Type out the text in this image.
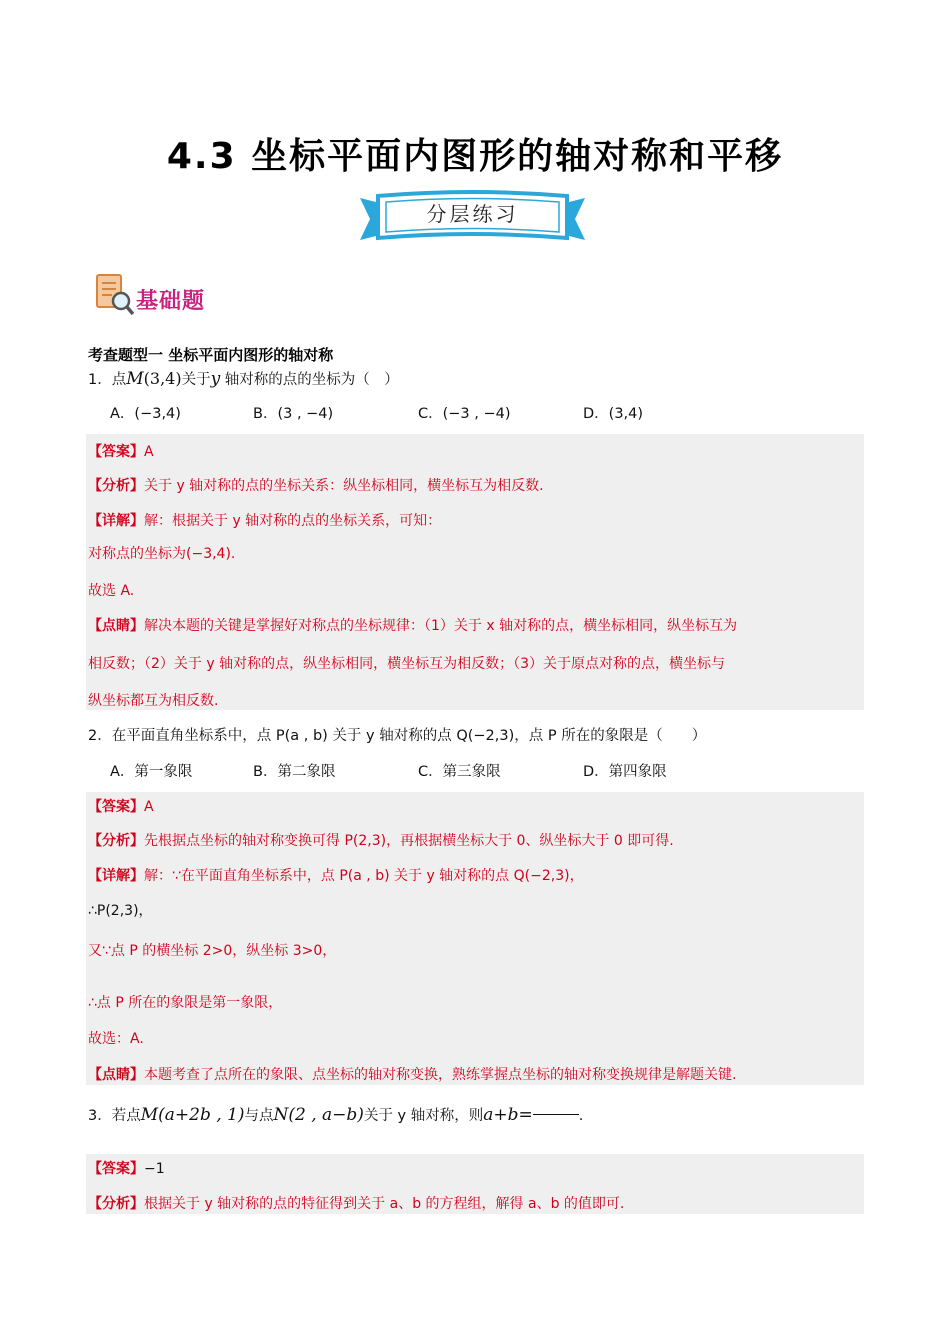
4.3 坐标平面内图形的轴对称和平移
分层练习
基础题
考查题型一 坐标平面内图形的轴对称
1．点M(3,4)关于y 轴对称的点的坐标为（　）
A．(−3,4)	B．(3 , −4)	C．(−3 , −4)	D．(3,4)
【答案】A
【分析】关于 y 轴对称的点的坐标关系：纵坐标相同，横坐标互为相反数.
【详解】解：根据关于 y 轴对称的点的坐标关系，可知：
对称点的坐标为(−3,4).
故选 A.
【点睛】解决本题的关键是掌握好对称点的坐标规律：（1）关于 x 轴对称的点，横坐标相同，纵坐标互为
相反数；（2）关于 y 轴对称的点，纵坐标相同，横坐标互为相反数；（3）关于原点对称的点，横坐标与
纵坐标都互为相反数.
2．在平面直角坐标系中，点 P(a , b) 关于 y 轴对称的点 Q(−2,3)，点 P 所在的象限是（　　）
A．第一象限	B．第二象限	C．第三象限	D．第四象限
【答案】A
【分析】先根据点坐标的轴对称变换可得 P(2,3)，再根据横坐标大于 0、纵坐标大于 0 即可得.
【详解】解：∵在平面直角坐标系中，点 P(a , b) 关于 y 轴对称的点 Q(−2,3)，
∴P(2,3)，
又∵点 P 的横坐标 2>0，纵坐标 3>0，
∴点 P 所在的象限是第一象限，
故选：A.
【点睛】本题考查了点所在的象限、点坐标的轴对称变换，熟练掌握点坐标的轴对称变换规律是解题关键.
3．若点M(a+2b , 1)与点N(2 , a−b)关于 y 轴对称，则a+b=	.
【答案】−1
【分析】根据关于 y 轴对称的点的特征得到关于 a、b 的方程组，解得 a、b 的值即可.
